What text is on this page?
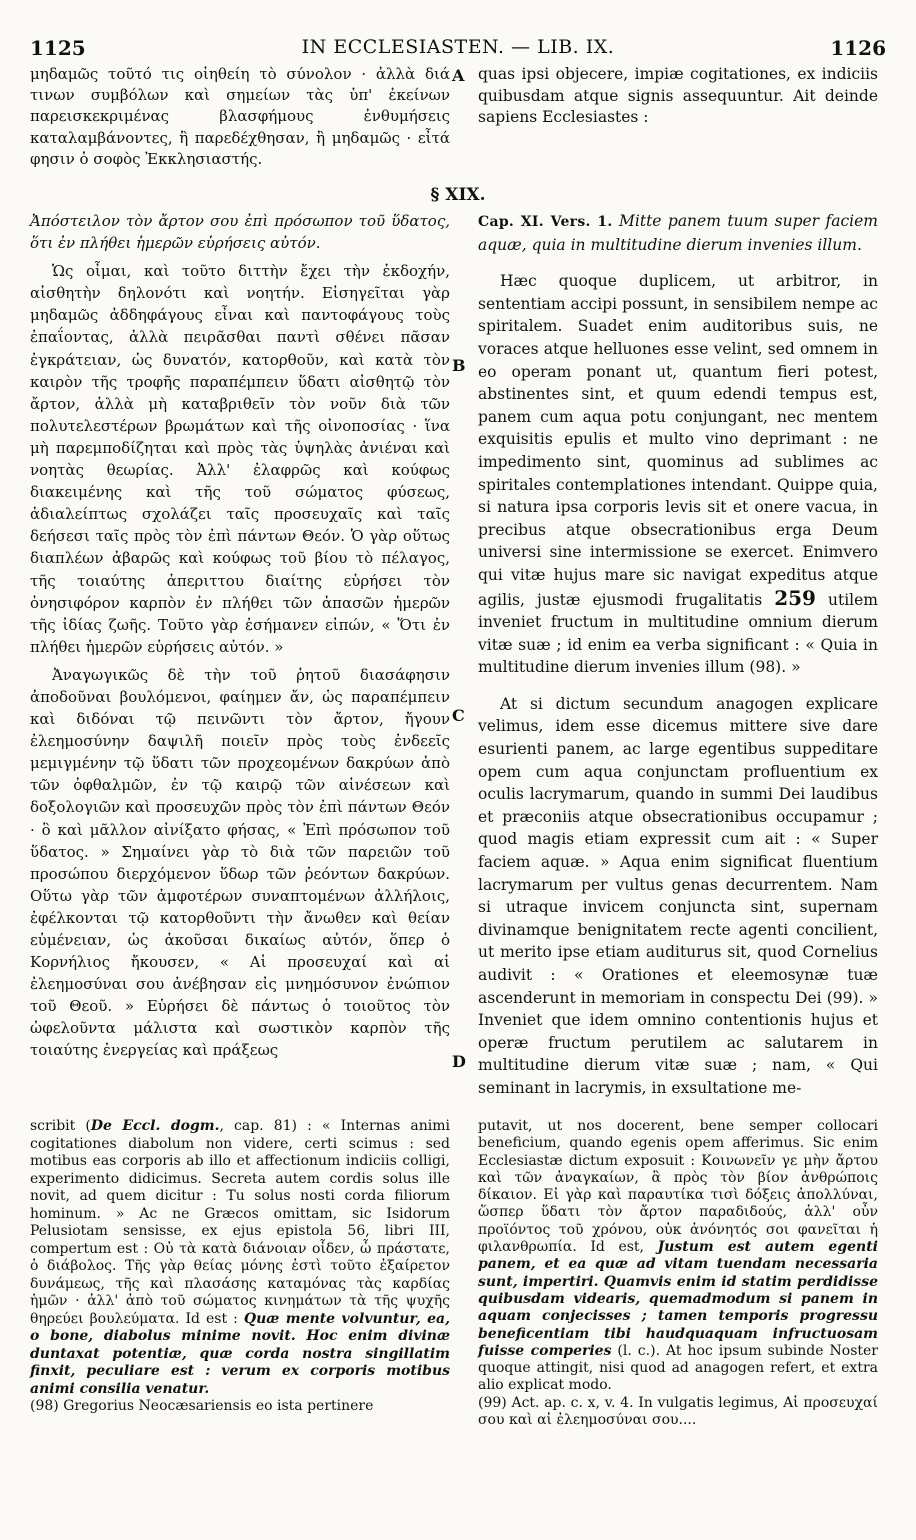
1125	IN ECCLESIASTEN. — LIB. IX.	1126

μηδαμῶς τοῦτό τις οἰηθείη τὸ σύνολον · ἀλλὰ διά τινων συμβόλων καὶ σημείων τὰς ὑπ' ἐκείνων παρεισκεκριμένας βλασφήμους ἐνθυμήσεις καταλαμβάνοντες, ἢ παρεδέχθησαν, ἢ μηδαμῶς · εἶτά φησιν ὁ σοφὸς Ἐκκλησιαστής.

A quas ipsi objecere, impiæ cogitationes, ex indiciis quibusdam atque signis assequuntur. Ait deinde sapiens Ecclesiastes :

§ XIX.

Ἀπόστειλον τὸν ἄρτον σου ἐπὶ πρόσωπον τοῦ ὕδατος, ὅτι ἐν πλήθει ἡμερῶν εὑρήσεις αὐτόν.

Ὡς οἶμαι, καὶ τοῦτο διττὴν ἔχει τὴν ἐκδοχήν, αἰσθητὴν δηλονότι καὶ νοητήν. Εἰσηγεῖται γὰρ μηδαμῶς ἀδδηφάγους εἶναι καὶ παντοφάγους τοὺς ἐπαΐοντας, ἀλλὰ πειρᾶσθαι παντὶ σθένει πᾶσαν ἐγκράτειαν, ὡς δυνατόν, κατορθοῦν, καὶ κατὰ τὸν καιρὸν τῆς τροφῆς παραπέμπειν ὕδατι αἰσθητῷ τὸν ἄρτον, ἀλλὰ μὴ καταβριθεῖν τὸν νοῦν διὰ τῶν πολυτελεστέρων βρωμάτων καὶ τῆς οἰνοποσίας · ἵνα μὴ παρεμποδίζηται καὶ πρὸς τὰς ὑψηλὰς ἀνιέναι καὶ νοητὰς θεωρίας. Ἀλλ' ἐλαφρῶς καὶ κούφως διακειμένης καὶ τῆς τοῦ σώματος φύσεως, ἀδιαλείπτως σχολάζει ταῖς προσευχαῖς καὶ ταῖς δεήσεσι ταῖς πρὸς τὸν ἐπὶ πάντων Θεόν. Ὁ γὰρ οὕτως διαπλέων ἀβαρῶς καὶ κούφως τοῦ βίου τὸ πέλαγος, τῆς τοιαύτης ἀπεριττου διαίτης εὑρήσει τὸν ὀνησιφόρον καρπὸν ἐν πλήθει τῶν ἁπασῶν ἡμερῶν τῆς ἰδίας ζωῆς. Τοῦτο γὰρ ἐσήμανεν εἰπών, « Ὅτι ἐν πλήθει ἡμερῶν εὑρήσεις αὐτόν. »

Ἀναγωγικῶς δὲ τὴν τοῦ ῥητοῦ διασάφησιν ἀποδοῦναι βουλόμενοι, φαίημεν ἄν, ὡς παραπέμπειν καὶ διδόναι τῷ πεινῶντι τὸν ἄρτον, ἤγουν ἐλεημοσύνην δαψιλῆ ποιεῖν πρὸς τοὺς ἐνδεεῖς μεμιγμένην τῷ ὕδατι τῶν προχεομένων δακρύων ἀπὸ τῶν ὀφθαλμῶν, ἐν τῷ καιρῷ τῶν αἰνέσεων καὶ δοξολογιῶν καὶ προσευχῶν πρὸς τὸν ἐπὶ πάντων Θεόν · ὃ καὶ μᾶλλον αἰνίξατο φήσας, « Ἐπὶ πρόσωπον τοῦ ὕδατος. » Σημαίνει γὰρ τὸ διὰ τῶν παρειῶν τοῦ προσώπου διερχόμενον ὕδωρ τῶν ῥεόντων δακρύων. Οὕτω γὰρ τῶν ἀμφοτέρων συναπτομένων ἀλλήλοις, ἐφέλκονται τῷ κατορθοῦντι τὴν ἄνωθεν καὶ θείαν εὐμένειαν, ὡς ἀκοῦσαι δικαίως αὐτόν, ὅπερ ὁ Κορνήλιος ἤκουσεν, « Αἱ προσευχαί καὶ αἱ ἐλεημοσύναι σου ἀνέβησαν εἰς μνημόσυνον ἐνώπιον τοῦ Θεοῦ. » Εὑρήσει δὲ πάντως ὁ τοιοῦτος τὸν ὠφελοῦντα μάλιστα καὶ σωστικὸν καρπὸν τῆς τοιαύτης ἐνεργείας καὶ πράξεως

B
C
D

Cap. XI. Vers. 1. Mitte panem tuum super faciem aquæ, quia in multitudine dierum invenies illum.

Hæc quoque duplicem, ut arbitror, in sententiam accipi possunt, in sensibilem nempe ac spiritalem. Suadet enim auditoribus suis, ne voraces atque helluones esse velint, sed omnem in eo operam ponant ut, quantum fieri potest, abstinentes sint, et quum edendi tempus est, panem cum aqua potu conjungant, nec mentem exquisitis epulis et multo vino deprimant : ne impedimento sint, quominus ad sublimes ac spiritales contemplationes intendant. Quippe quia, si natura ipsa corporis levis sit et onere vacua, in precibus atque obsecrationibus erga Deum universi sine intermissione se exercet. Enimvero qui vitæ hujus mare sic navigat expeditus atque agilis, justæ ejusmodi frugalitatis 259 utilem inveniet fructum in multitudine omnium dierum vitæ suæ ; id enim ea verba significant : « Quia in multitudine dierum invenies illum (98). »

At si dictum secundum anagogen explicare velimus, idem esse dicemus mittere sive dare esurienti panem, ac large egentibus suppeditare opem cum aqua conjunctam profluentium ex oculis lacrymarum, quando in summi Dei laudibus et præconiis atque obsecrationibus occupamur ; quod magis etiam expressit cum ait : « Super faciem aquæ. » Aqua enim significat fluentium lacrymarum per vultus genas decurrentem. Nam si utraque invicem conjuncta sint, supernam divinamque benignitatem recte agenti concilient, ut merito ipse etiam auditurus sit, quod Cornelius audivit : « Orationes et eleemosynæ tuæ ascenderunt in memoriam in conspectu Dei (99). » Inveniet que idem omnino contentionis hujus et operæ fructum perutilem ac salutarem in multitudine dierum vitæ suæ ; nam, « Qui seminant in lacrymis, in exsultatione me-

scribit (De Eccl. dogm., cap. 81) : « Internas animi cogitationes diabolum non videre, certi scimus : sed motibus eas corporis ab illo et affectionum indiciis colligi, experimento didicimus. Secreta autem cordis solus ille novit, ad quem dicitur : Tu solus nosti corda filiorum hominum. » Ac ne Græcos omittam, sic Isidorum Pelusiotam sensisse, ex ejus epistola 56, libri III, compertum est : Οὐ τὰ κατὰ διάνοιαν οἶδεν, ὦ πράστατε, ὁ διάβολος. Τῆς γὰρ θείας μόνης ἐστὶ τοῦτο ἐξαίρετον δυνάμεως, τῆς καὶ πλασάσης καταμόνας τὰς καρδίας ἡμῶν · ἀλλ' ἀπὸ τοῦ σώματος κινημάτων τὰ τῆς ψυχῆς θηρεύει βουλεύματα. Id est : Quæ mente volvuntur, ea, o bone, diabolus minime novit. Hoc enim divinæ duntaxat potentiæ, quæ corda nostra singillatim finxit, peculiare est : verum ex corporis motibus animi consilia venatur.

(98) Gregorius Neocæsariensis eo ista pertinere

putavit, ut nos docerent, bene semper collocari beneficium, quando egenis opem afferimus. Sic enim Ecclesiastæ dictum exposuit : Κοινωνεῖν γε μὴν ἄρτου καὶ τῶν ἀναγκαίων, ἃ πρὸς τὸν βίον ἀνθρώποις δίκαιον. Εἰ γὰρ καὶ παραυτίκα τισὶ δόξεις ἀπολλύναι, ὥσπερ ὕδατι τὸν ἄρτον παραδιδούς, ἀλλ' οὖν προϊόντος τοῦ χρόνου, οὐκ ἀνόνητός σοι φανεῖται ἡ φιλανθρωπία. Id est, Justum est autem egenti panem, et ea quæ ad vitam tuendam necessaria sunt, impertiri. Quamvis enim id statim perdidisse quibusdam videaris, quemadmodum si panem in aquam conjecisses ; tamen temporis progressu beneficentiam tibi haudquaquam infructuosam fuisse comperies (l. c.). At hoc ipsum subinde Noster quoque attingit, nisi quod ad anagogen refert, et extra alio explicat modo.

(99) Act. ap. c. x, v. 4. In vulgatis legimus, Αἱ προσευχαί σου καὶ αἱ ἐλεημοσύναι σου....
